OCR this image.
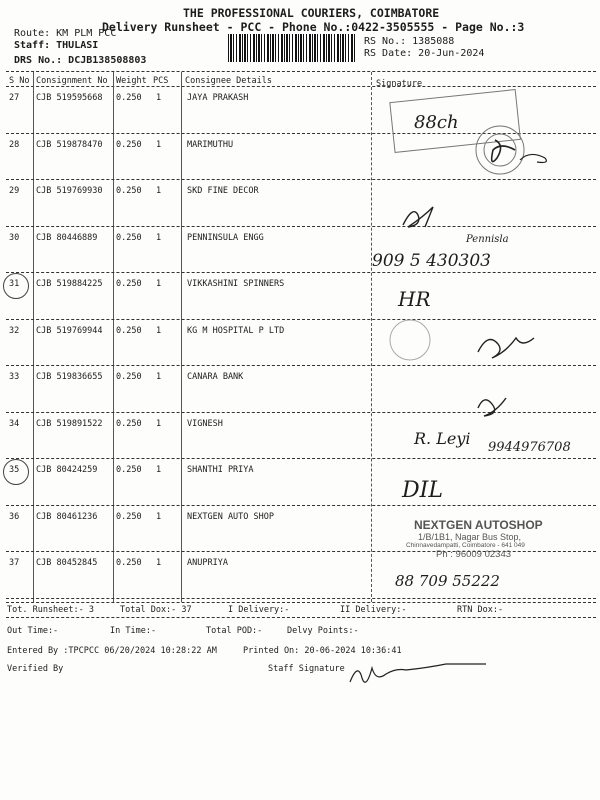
THE PROFESSIONAL COURIERS, COIMBATORE
Delivery Runsheet - PCC - Phone No.:0422-3505555 - Page No.:3
Route: KM PLM PCC
Staff: THULASI
DRS No.: DCJB138508803
RS No.: 1385088
RS Date: 20-Jun-2024
S No Consignment No Weight PCS Consignee Details	Signature
27 CJB 519595668 0.250 1	JAYA PRAKASH
28 CJB 519878470 0.250 1	MARIMUTHU
29 CJB 519769930 0.250 1	SKD FINE DECOR
30 CJB 80446889 0.250 1	PENNINSULA ENGG
31 CJB 519884225 0.250 1	VIKKASHINI SPINNERS
32 CJB 519769944 0.250 1	KG M HOSPITAL P LTD
33 CJB 519836655 0.250 1	CANARA BANK
34 CJB 519891522 0.250 1	VIGNESH
35 CJB 80424259 0.250 1	SHANTHI PRIYA
36 CJB 80461236 0.250 1	NEXTGEN AUTO SHOP
37 CJB 80452845 0.250 1	ANUPRIYA
88ch
Pennisla
909 5 430303
HR
R. Leyi 9944976708
DIL
88 709 55222
NEXTGEN AUTOSHOP
1/B/1B1, Nagar Bus Stop,
Chinnavedampatti, Coimbatore - 641 049
Ph : 96009 02343
Tot. Runsheet:- 3	Total Dox:- 37	I Delivery:-	II Delivery:-	RTN Dox:-
Out Time:-	In Time:-	Total POD:-	Delvy Points:-
Entered By :TPCPCC 06/20/2024 10:28:22 AM	Printed On: 20-06-2024 10:36:41
Verified By	Staff Signature
